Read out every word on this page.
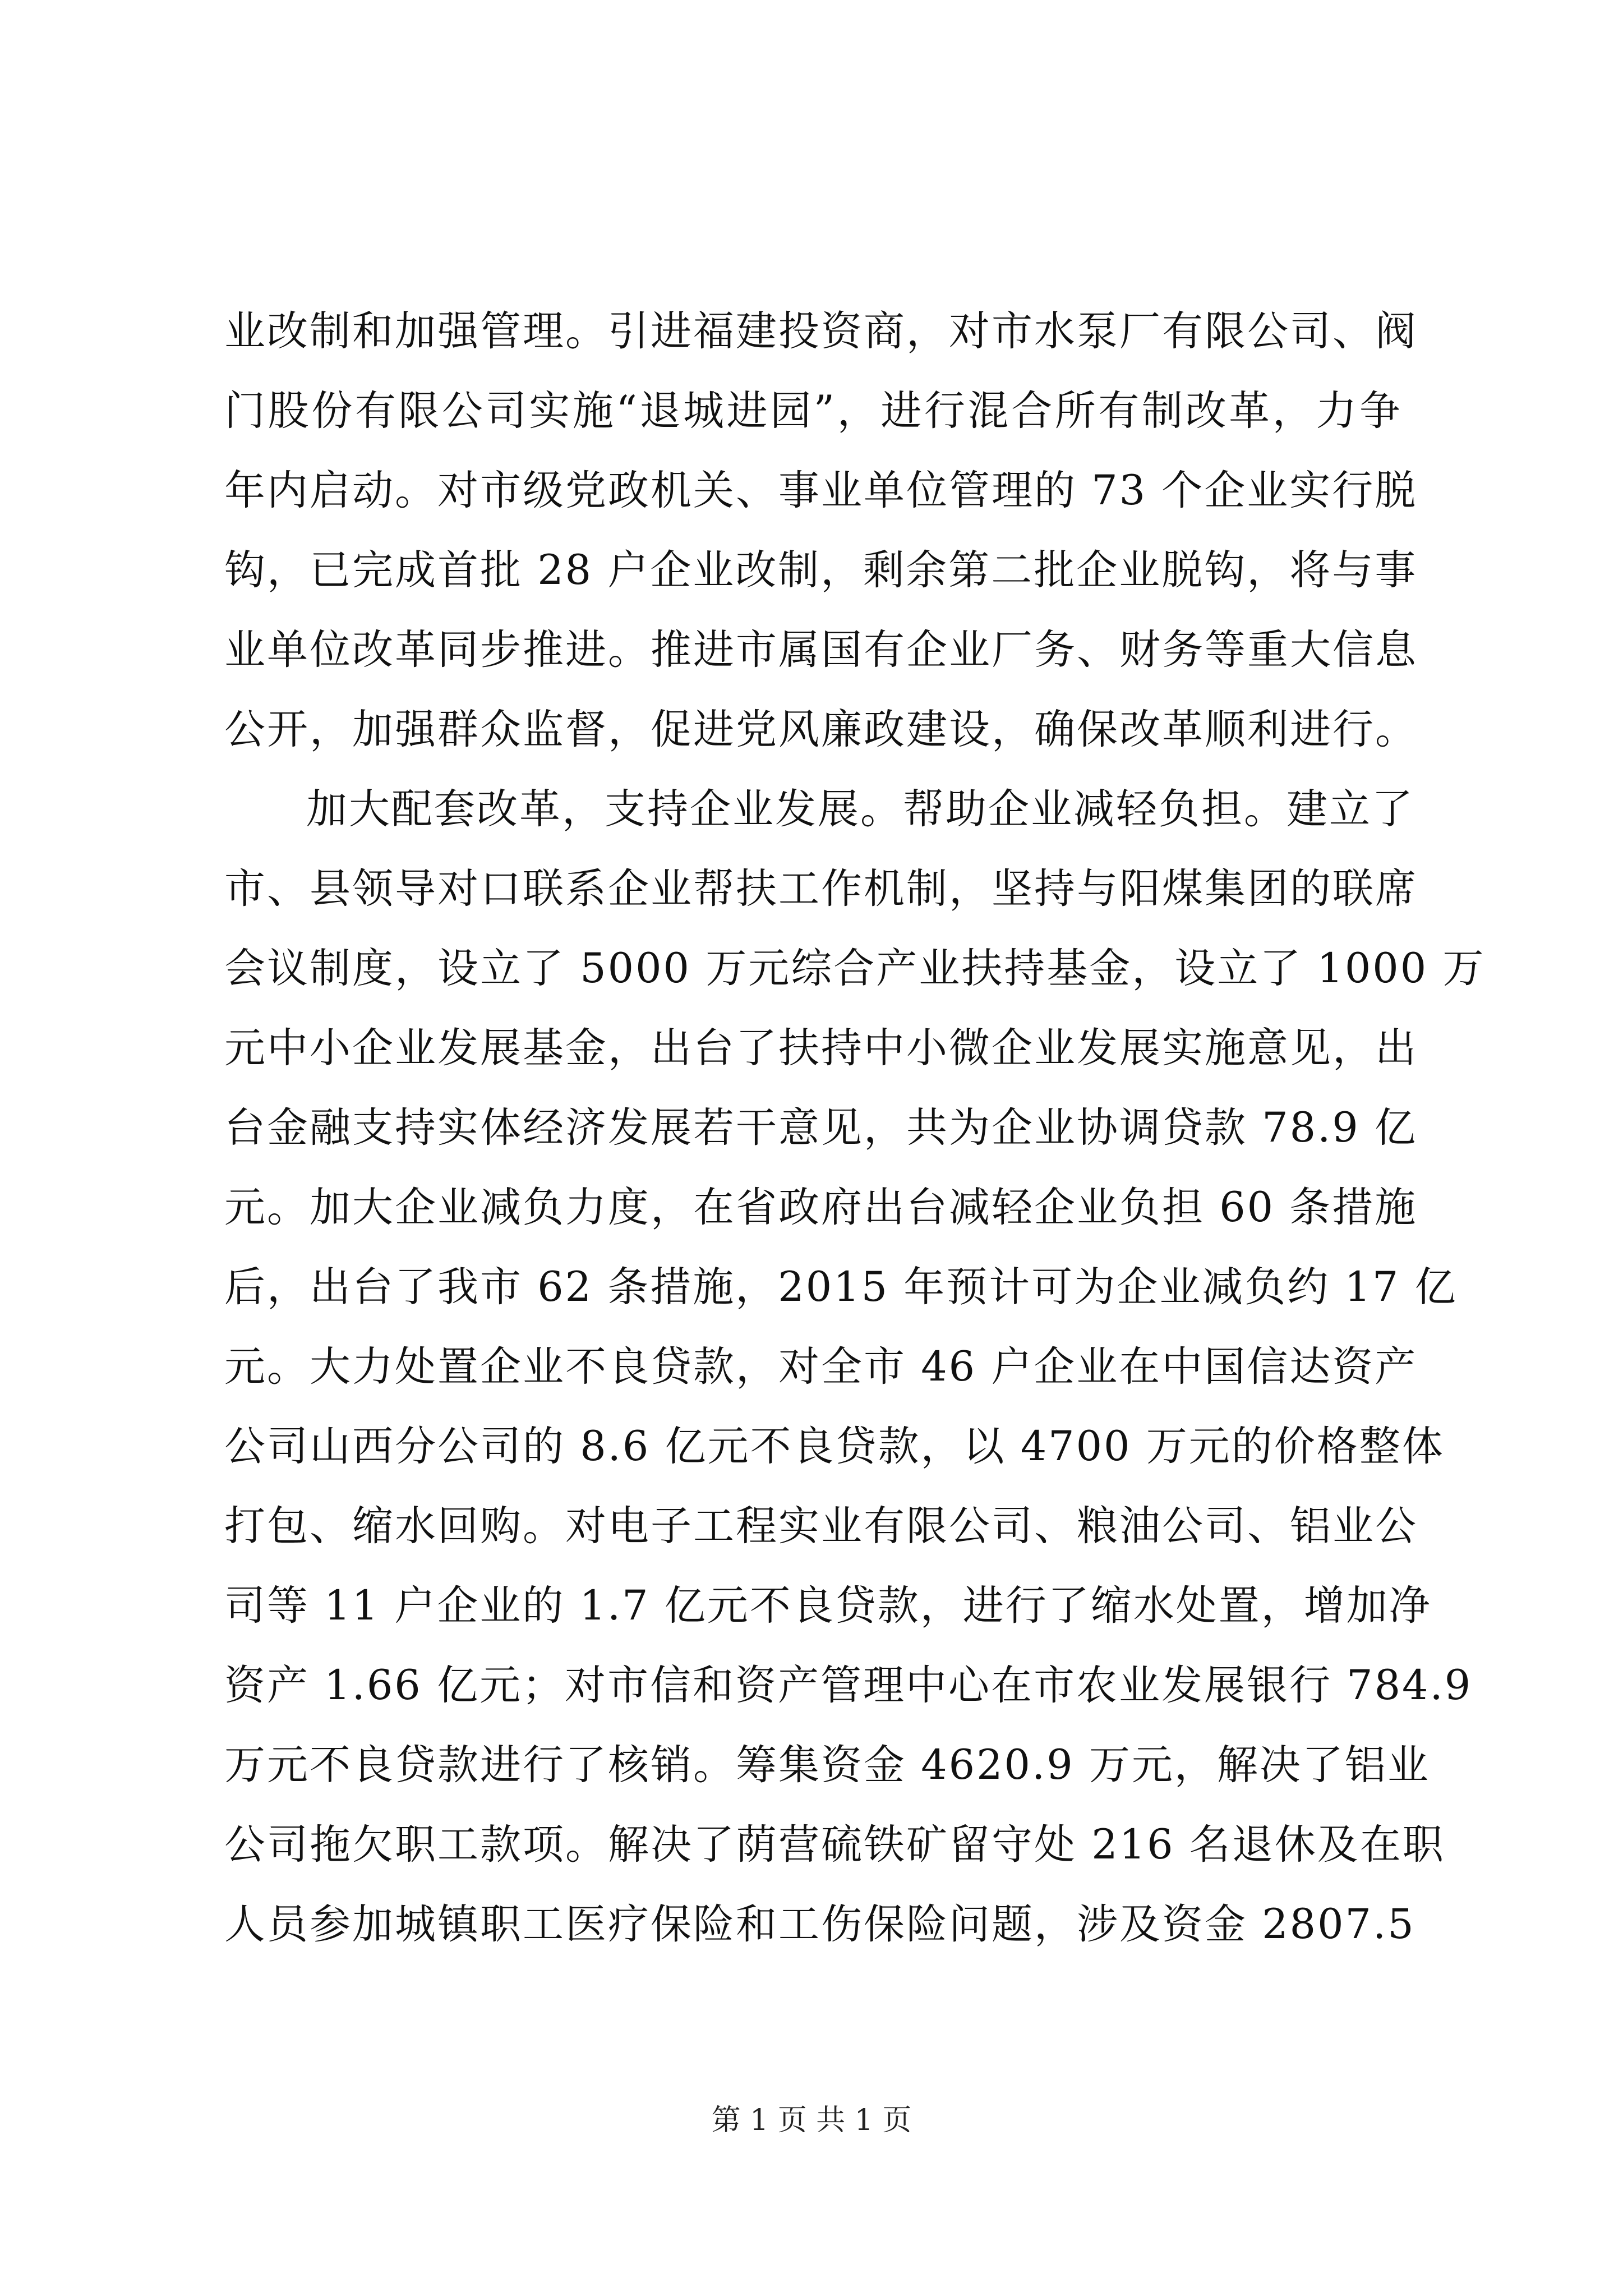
业改制和加强管理。引进福建投资商，对市水泵厂有限公司、阀
门股份有限公司实施“退城进园”，进行混合所有制改革，力争
年内启动。对市级党政机关、事业单位管理的 73 个企业实行脱
钩，已完成首批 28 户企业改制，剩余第二批企业脱钩，将与事
业单位改革同步推进。推进市属国有企业厂务、财务等重大信息
公开，加强群众监督，促进党风廉政建设，确保改革顺利进行。
加大配套改革，支持企业发展。帮助企业减轻负担。建立了
市、县领导对口联系企业帮扶工作机制，坚持与阳煤集团的联席
会议制度，设立了 5000 万元综合产业扶持基金，设立了 1000 万
元中小企业发展基金，出台了扶持中小微企业发展实施意见，出
台金融支持实体经济发展若干意见，共为企业协调贷款 78.9 亿
元。加大企业减负力度，在省政府出台减轻企业负担 60 条措施
后，出台了我市 62 条措施，2015 年预计可为企业减负约 17 亿
元。大力处置企业不良贷款，对全市 46 户企业在中国信达资产
公司山西分公司的 8.6 亿元不良贷款，以 4700 万元的价格整体
打包、缩水回购。对电子工程实业有限公司、粮油公司、铝业公
司等 11 户企业的 1.7 亿元不良贷款，进行了缩水处置，增加净
资产 1.66 亿元；对市信和资产管理中心在市农业发展银行 784.9
万元不良贷款进行了核销。筹集资金 4620.9 万元，解决了铝业
公司拖欠职工款项。解决了荫营硫铁矿留守处 216 名退休及在职
人员参加城镇职工医疗保险和工伤保险问题，涉及资金 2807.5
第 1 页 共 1 页
